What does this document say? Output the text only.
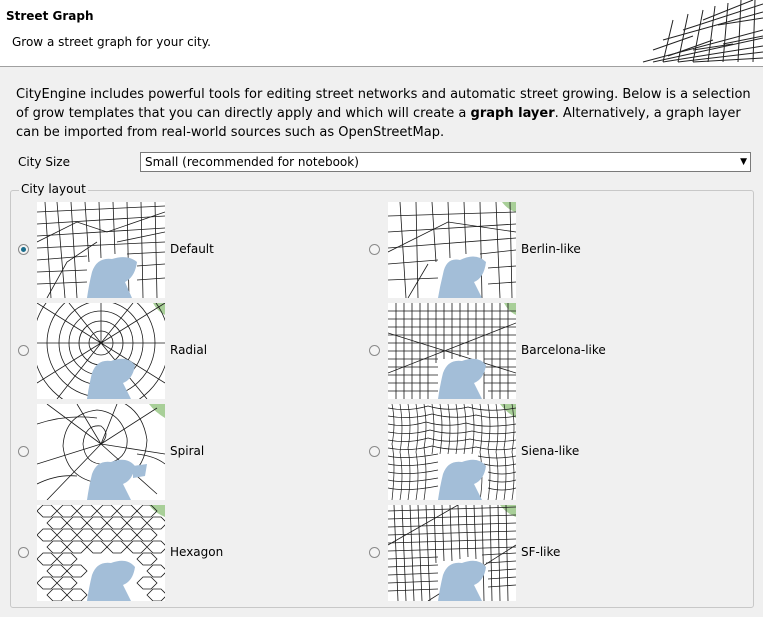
Street Graph
Grow a street graph for your city.
CityEngine includes powerful tools for editing street networks and automatic street growing. Below is a selection of grow templates that you can directly apply and which will create a graph layer. Alternatively, a graph layer can be imported from real-world sources such as OpenStreetMap.
City Size	Small (recommended for notebook)	▼
City layout
Default	Berlin-like
Radial	Barcelona-like
Spiral	Siena-like
Hexagon	SF-like
